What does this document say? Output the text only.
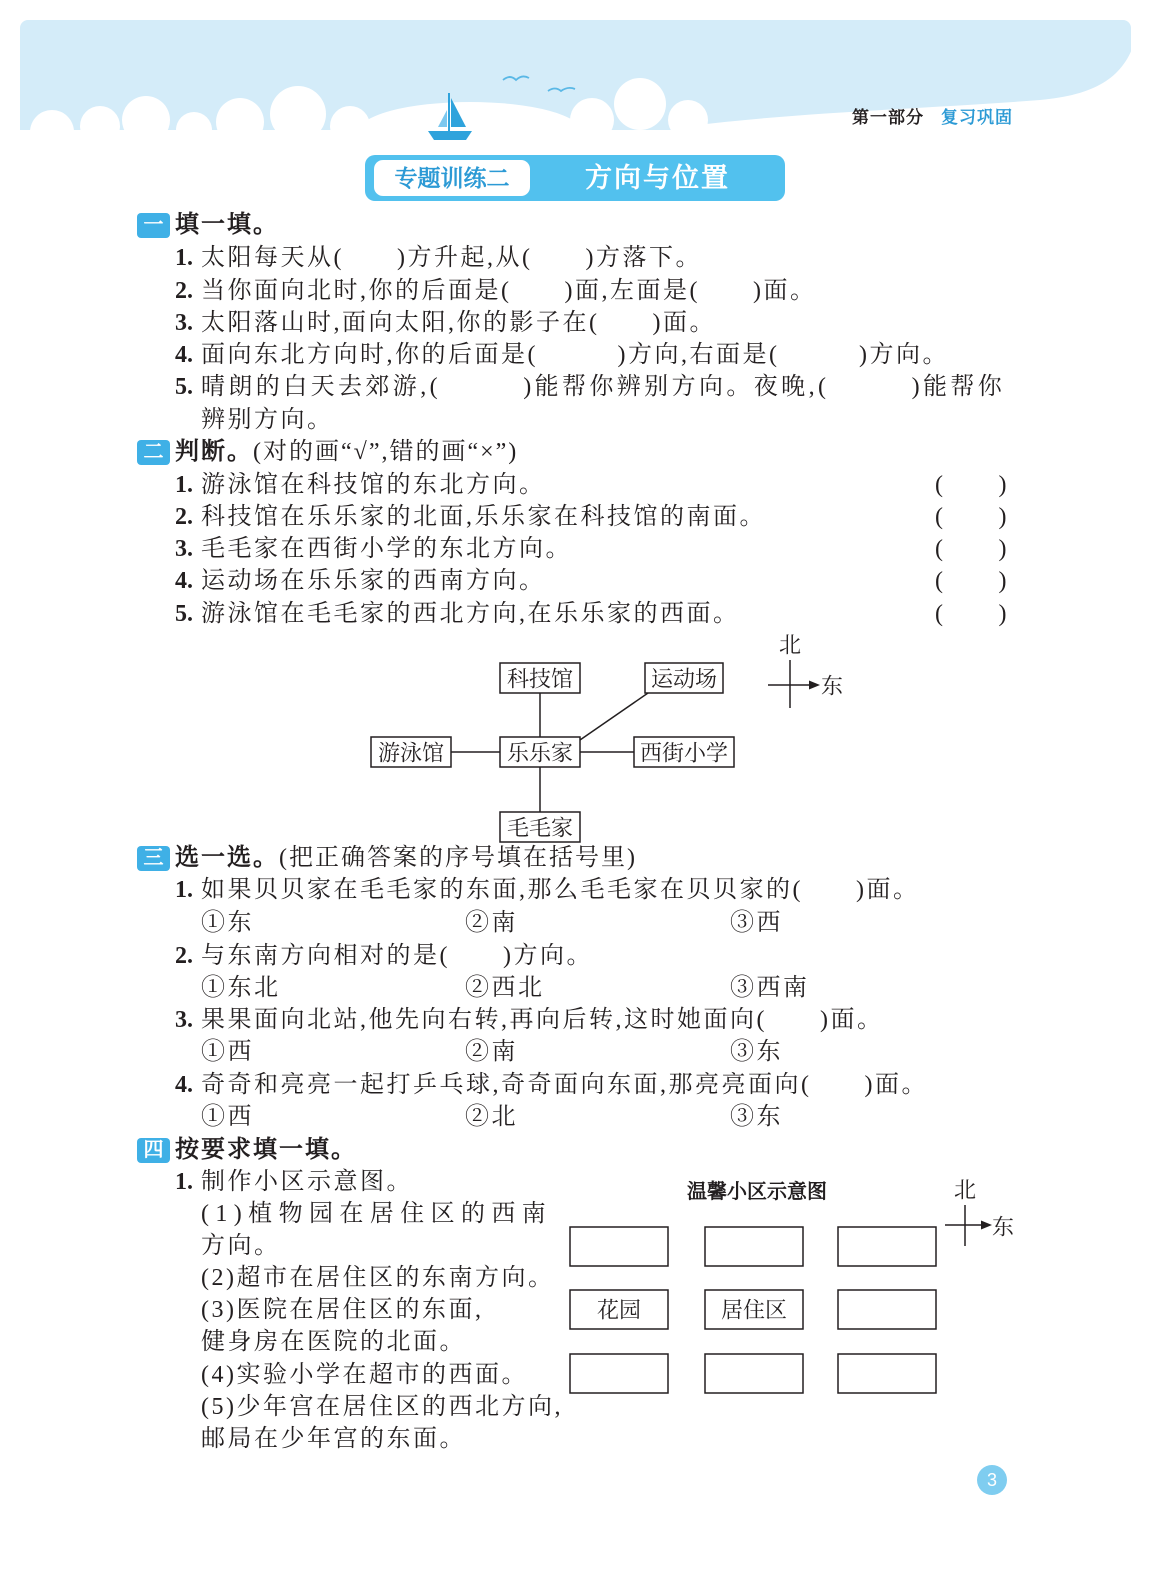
第一部分 复习巩固
专题训练二	方向与位置
一 填一填。
1. 太阳每天从(　　)方升起,从(　　)方落下。
2. 当你面向北时,你的后面是(　　)面,左面是(　　)面。
3. 太阳落山时,面向太阳,你的影子在(　　)面。
4. 面向东北方向时,你的后面是(　　　)方向,右面是(　　　)方向。
5. 晴朗的白天去郊游,(　　　)能帮你辨别方向。夜晚,(　　　)能帮你
辨别方向。
二 判断。(对的画“√”,错的画“×”)
1. 游泳馆在科技馆的东北方向。	(　　)
2. 科技馆在乐乐家的北面,乐乐家在科技馆的南面。	(　　)
3. 毛毛家在西街小学的东北方向。	(　　)
4. 运动场在乐乐家的西南方向。	(　　)
5. 游泳馆在毛毛家的西北方向,在乐乐家的西面。	(　　)
科技馆	运动场
游泳馆	乐乐家	西街小学
毛毛家
北
东
三 选一选。(把正确答案的序号填在括号里)
1. 如果贝贝家在毛毛家的东面,那么毛毛家在贝贝家的(　　)面。
①东	②南	③西
2. 与东南方向相对的是(　　)方向。
①东北	②西北	③西南
3. 果果面向北站,他先向右转,再向后转,这时她面向(　　)面。
①西	②南	③东
4. 奇奇和亮亮一起打乒乓球,奇奇面向东面,那亮亮面向(　　)面。
①西	②北	③东
四 按要求填一填。
1. 制作小区示意图。
(1)植物园在居住区的西南
方向。
(2)超市在居住区的东南方向。
(3)医院在居住区的东面,
健身房在医院的北面。
(4)实验小学在超市的西面。
(5)少年宫在居住区的西北方向,
邮局在少年宫的东面。
温馨小区示意图
花园	居住区
北
东
3
